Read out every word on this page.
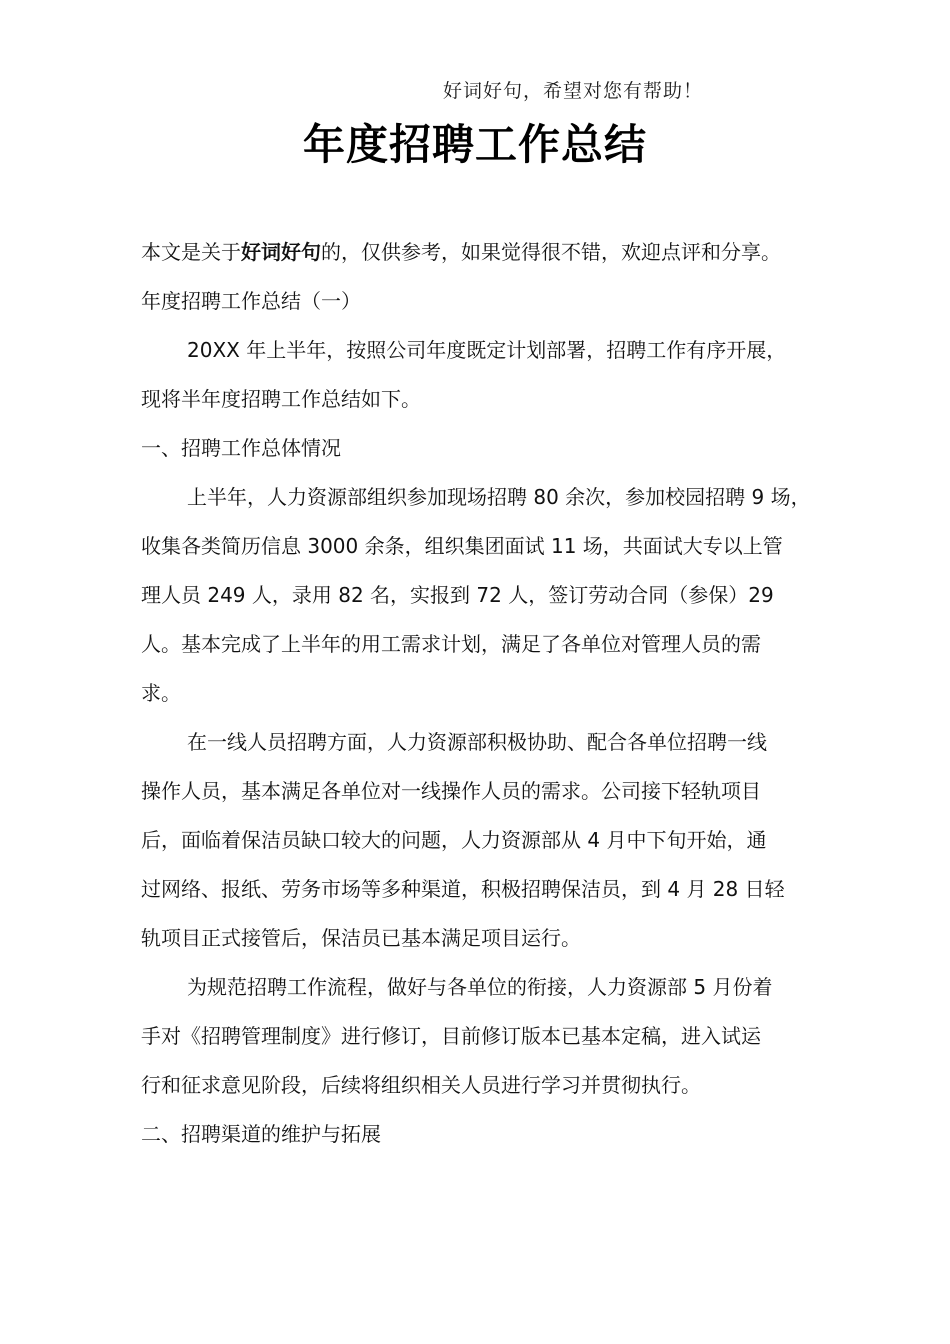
好词好句，希望对您有帮助！
年度招聘工作总结

本文是关于好词好句的，仅供参考，如果觉得很不错，欢迎点评和分享。

年度招聘工作总结（一）

20XX 年上半年，按照公司年度既定计划部署，招聘工作有序开展，
现将半年度招聘工作总结如下。

一、招聘工作总体情况

上半年，人力资源部组织参加现场招聘 80 余次，参加校园招聘 9 场，
收集各类简历信息 3000 余条，组织集团面试 11 场，共面试大专以上管
理人员 249 人，录用 82 名，实报到 72 人，签订劳动合同（参保）29
人。基本完成了上半年的用工需求计划，满足了各单位对管理人员的需
求。

在一线人员招聘方面，人力资源部积极协助、配合各单位招聘一线
操作人员，基本满足各单位对一线操作人员的需求。公司接下轻轨项目
后，面临着保洁员缺口较大的问题，人力资源部从 4 月中下旬开始，通
过网络、报纸、劳务市场等多种渠道，积极招聘保洁员，到 4 月 28 日轻
轨项目正式接管后，保洁员已基本满足项目运行。

为规范招聘工作流程，做好与各单位的衔接，人力资源部 5 月份着
手对《招聘管理制度》进行修订，目前修订版本已基本定稿，进入试运
行和征求意见阶段，后续将组织相关人员进行学习并贯彻执行。

二、招聘渠道的维护与拓展
